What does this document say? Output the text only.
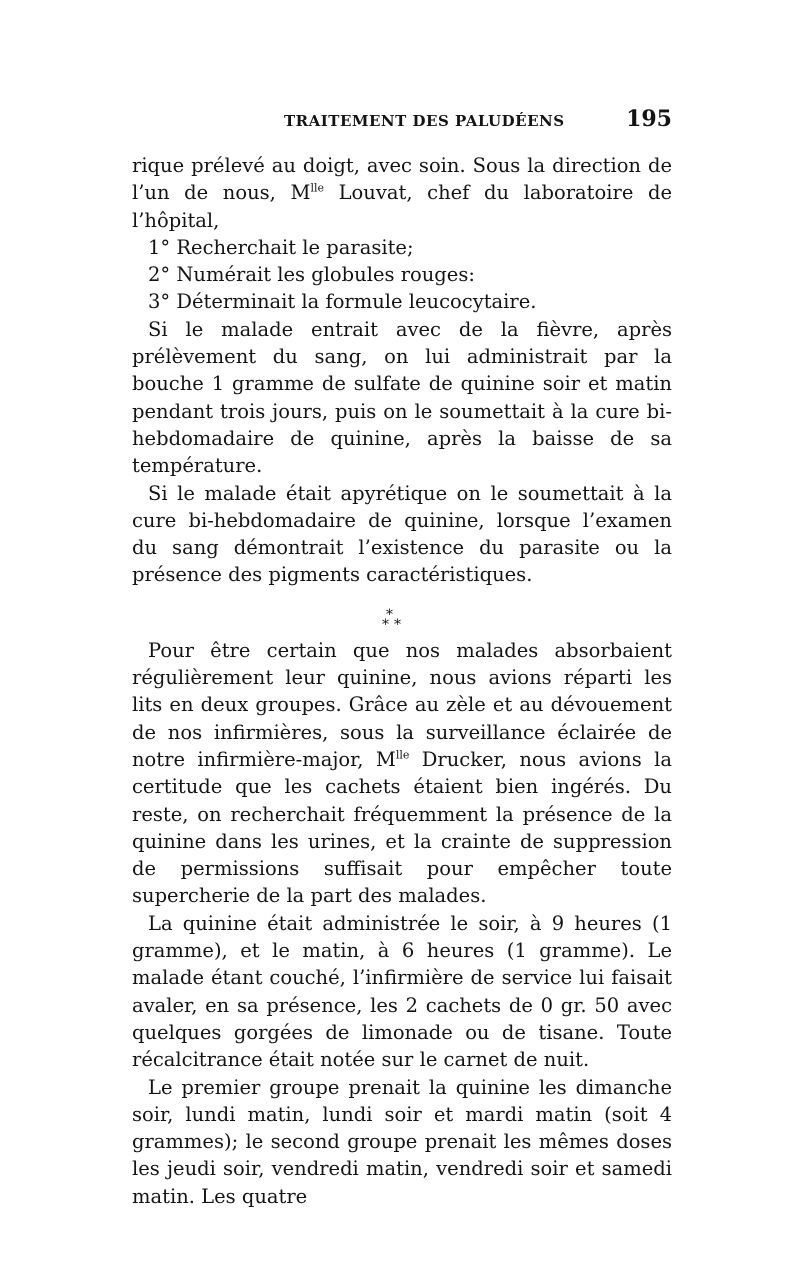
TRAITEMENT DES PALUDÉENS	195

rique prélevé au doigt, avec soin. Sous la direction de l’un de nous, $M^{lle}$ Louvat, chef du laboratoire de l’hôpital,

1° Recherchait le parasite;

2° Numérait les globules rouges:

3° Déterminait la formule leucocytaire.

Si le malade entrait avec de la fièvre, après prélèvement du sang, on lui administrait par la bouche 1 gramme de sulfate de quinine soir et matin pendant trois jours, puis on le soumettait à la cure bi-hebdomadaire de quinine, après la baisse de sa température.

Si le malade était apyrétique on le soumettait à la cure bi-hebdomadaire de quinine, lorsque l’examen du sang démontrait l’existence du parasite ou la présence des pigments caractéristiques.

*
* *

Pour être certain que nos malades absorbaient régulièrement leur quinine, nous avions réparti les lits en deux groupes. Grâce au zèle et au dévouement de nos infirmières, sous la surveillance éclairée de notre infirmière-major, $M^{lle}$ Drucker, nous avions la certitude que les cachets étaient bien ingérés. Du reste, on recherchait fréquemment la présence de la quinine dans les urines, et la crainte de suppression de permissions suffisait pour empêcher toute supercherie de la part des malades.

La quinine était administrée le soir, à 9 heures (1 gramme), et le matin, à 6 heures (1 gramme). Le malade étant couché, l’infirmière de service lui faisait avaler, en sa présence, les 2 cachets de 0 gr. 50 avec quelques gorgées de limonade ou de tisane. Toute récalcitrance était notée sur le carnet de nuit.

Le premier groupe prenait la quinine les dimanche soir, lundi matin, lundi soir et mardi matin (soit 4 grammes); le second groupe prenait les mêmes doses les jeudi soir, vendredi matin, vendredi soir et samedi matin. Les quatre
